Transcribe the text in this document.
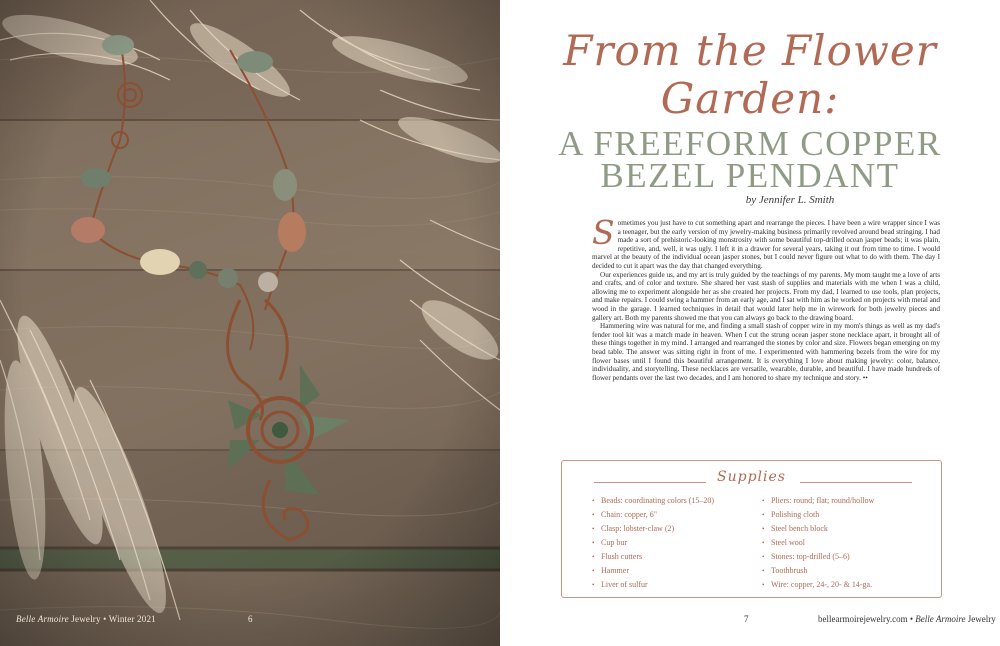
Belle Armoire Jewelry • Winter 2021	6
From the Flower
Garden:
A FREEFORM COPPER
BEZEL PENDANT
by Jennifer L. Smith

Sometimes you just have to cut something apart and rearrange the pieces. I have been a wire wrapper since I was a teenager, but the early version of my jewelry-making business primarily revolved around bead stringing. I had made a sort of prehistoric-looking monstrosity with some beautiful top-drilled ocean jasper beads; it was plain, repetitive, and, well, it was ugly. I left it in a drawer for several years, taking it out from time to time. I would marvel at the beauty of the individual ocean jasper stones, but I could never figure out what to do with them. The day I decided to cut it apart was the day that changed everything.

Our experiences guide us, and my art is truly guided by the teachings of my parents. My mom taught me a love of arts and crafts, and of color and texture. She shared her vast stash of supplies and materials with me when I was a child, allowing me to experiment alongside her as she created her projects. From my dad, I learned to use tools, plan projects, and make repairs. I could swing a hammer from an early age, and I sat with him as he worked on projects with metal and wood in the garage. I learned techniques in detail that would later help me in wirework for both jewelry pieces and gallery art. Both my parents showed me that you can always go back to the drawing board.

Hammering wire was natural for me, and finding a small stash of copper wire in my mom's things as well as my dad's fender tool kit was a match made in heaven. When I cut the strung ocean jasper stone necklace apart, it brought all of these things together in my mind. I arranged and rearranged the stones by color and size. Flowers began emerging on my bead table. The answer was sitting right in front of me. I experimented with hammering bezels from the wire for my flower bases until I found this beautiful arrangement. It is everything I love about making jewelry: color, balance, individuality, and storytelling. These necklaces are versatile, wearable, durable, and beautiful. I have made hundreds of flower pendants over the last two decades, and I am honored to share my technique and story. ••

Supplies
• Beads: coordinating colors (15–20)
• Chain: copper, 6"
• Clasp: lobster-claw (2)
• Cup bur
• Flush cutters
• Hammer
• Liver of sulfur
• Pliers: round; flat; round/hollow
• Polishing cloth
• Steel bench block
• Steel wool
• Stones: top-drilled (5–6)
• Toothbrush
• Wire: copper, 24-, 20- & 14-ga.
7	bellearmoirejewelry.com • Belle Armoire Jewelry
